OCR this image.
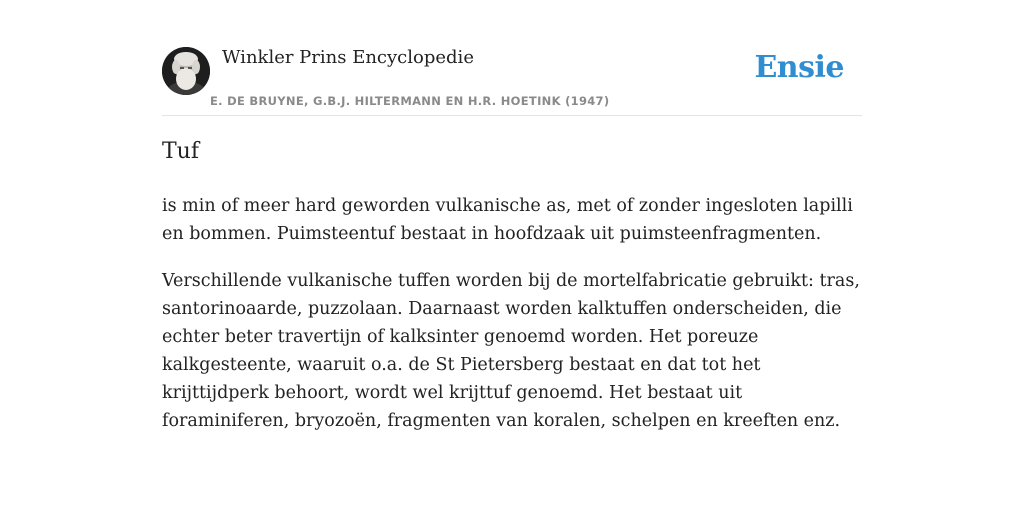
Winkler Prins Encyclopedie
E. DE BRUYNE, G.B.J. HILTERMANN EN H.R. HOETINK (1947)
Ensie
Tuf

is min of meer hard geworden vulkanische as, met of zonder ingesloten lapilli en bommen. Puimsteentuf bestaat in hoofdzaak uit puimsteenfragmenten.

Verschillende vulkanische tuffen worden bij de mortelfabricatie gebruikt: tras, santorinoaarde, puzzolaan. Daarnaast worden kalktuffen onderscheiden, die echter beter travertijn of kalksinter genoemd worden. Het poreuze kalkgesteente, waaruit o.a. de St Pietersberg bestaat en dat tot het krijttijdperk behoort, wordt wel krijttuf genoemd. Het bestaat uit foraminiferen, bryozoën, fragmenten van koralen, schelpen en kreeften enz.
